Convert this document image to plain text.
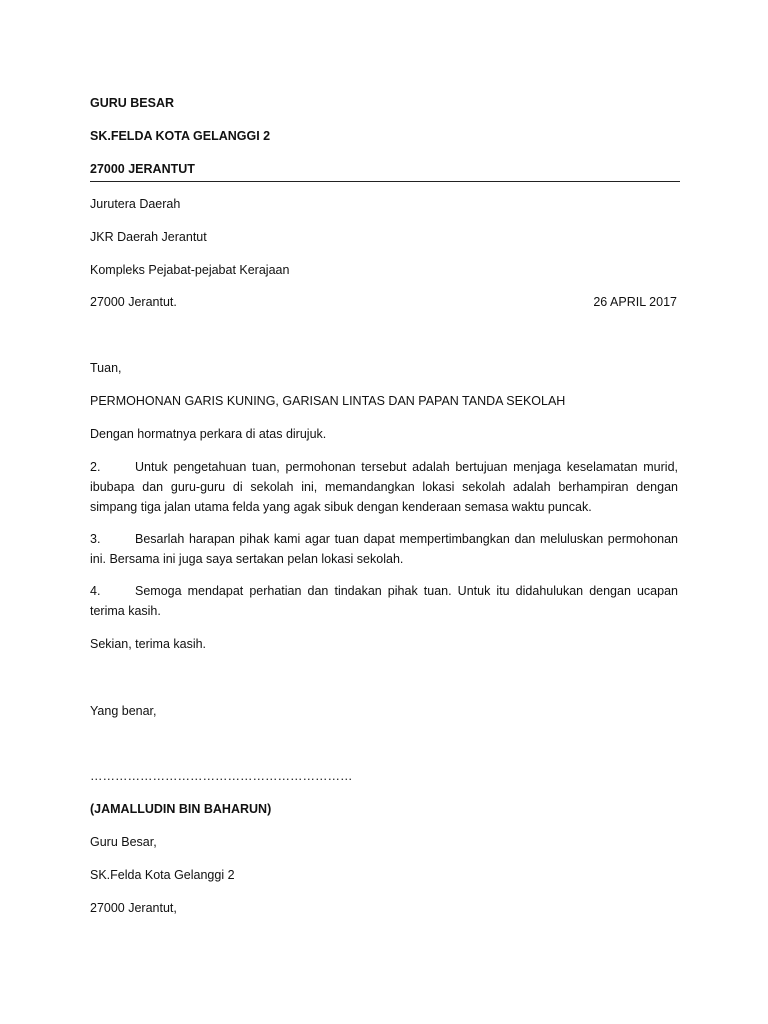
GURU BESAR
SK.FELDA KOTA GELANGGI 2
27000 JERANTUT
Jurutera Daerah
JKR Daerah Jerantut
Kompleks Pejabat-pejabat Kerajaan
27000 Jerantut.	26 APRIL 2017
Tuan,
PERMOHONAN GARIS KUNING, GARISAN LINTAS DAN PAPAN TANDA SEKOLAH
Dengan hormatnya perkara di atas dirujuk.
2.	Untuk pengetahuan tuan, permohonan tersebut adalah bertujuan menjaga keselamatan murid, ibubapa dan guru-guru di sekolah ini, memandangkan lokasi sekolah adalah berhampiran dengan simpang tiga jalan utama felda yang agak sibuk dengan kenderaan semasa waktu puncak.
3.	Besarlah harapan pihak kami agar tuan dapat mempertimbangkan dan meluluskan permohonan ini. Bersama ini juga saya sertakan pelan lokasi sekolah.
4.	Semoga mendapat perhatian dan tindakan pihak tuan. Untuk itu didahulukan dengan ucapan terima kasih.
Sekian, terima kasih.
Yang benar,
………………………………………………………
(JAMALLUDIN BIN BAHARUN)
Guru Besar,
SK.Felda Kota Gelanggi 2
27000 Jerantut,
